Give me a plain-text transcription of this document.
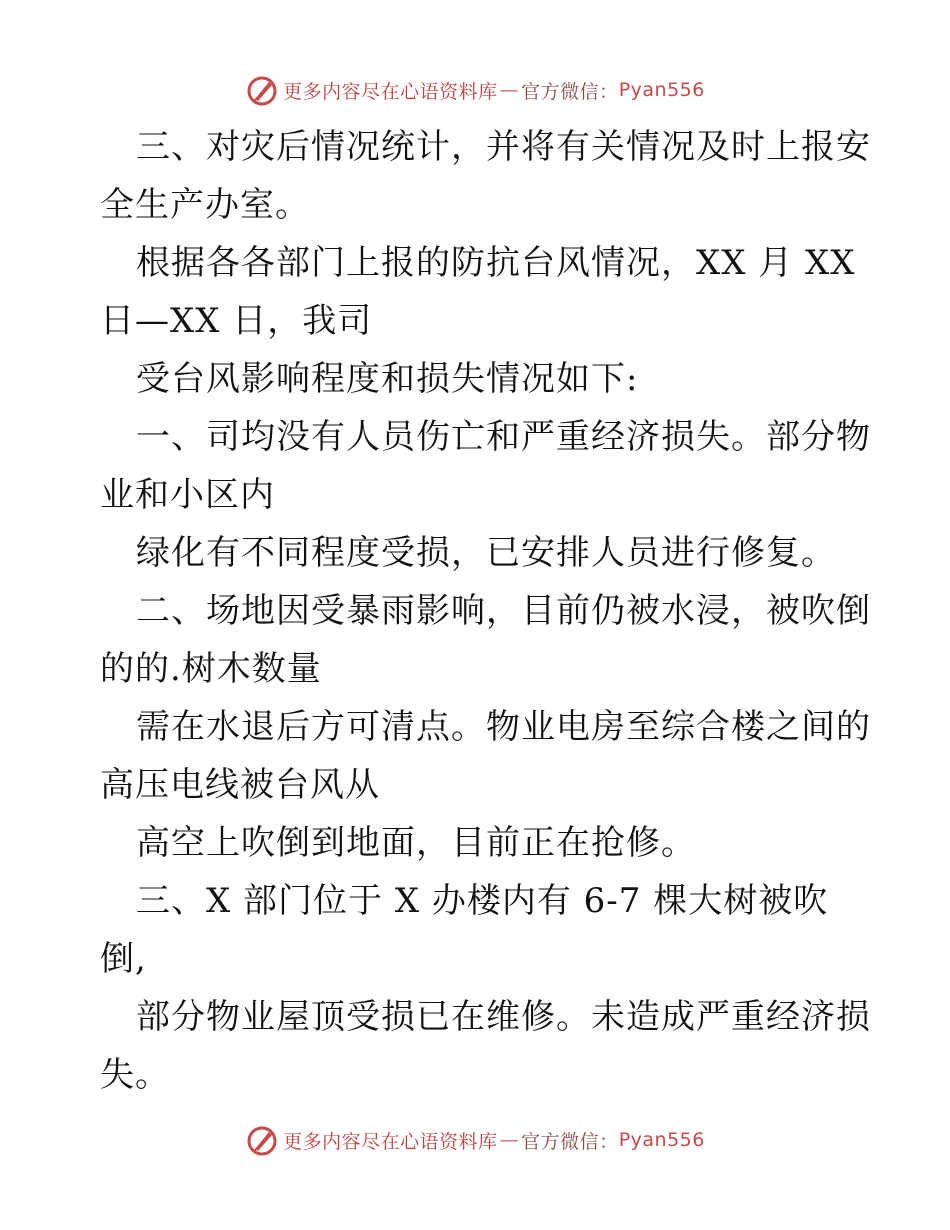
更多内容尽在心语资料库 — 官方微信： Pyan556
三、对灾后情况统计，并将有关情况及时上报安
全生产办室。
根据各各部门上报的防抗台风情况，XX 月 XX
日—XX 日，我司
受台风影响程度和损失情况如下:
一、司均没有人员伤亡和严重经济损失。部分物
业和小区内
绿化有不同程度受损，已安排人员进行修复。
二、场地因受暴雨影响，目前仍被水浸，被吹倒
的的.树木数量
需在水退后方可清点。物业电房至综合楼之间的
高压电线被台风从
高空上吹倒到地面，目前正在抢修。
三、X 部门位于 X 办楼内有 6-7 棵大树被吹
倒,
部分物业屋顶受损已在维修。未造成严重经济损
失。
更多内容尽在心语资料库 — 官方微信： Pyan556
